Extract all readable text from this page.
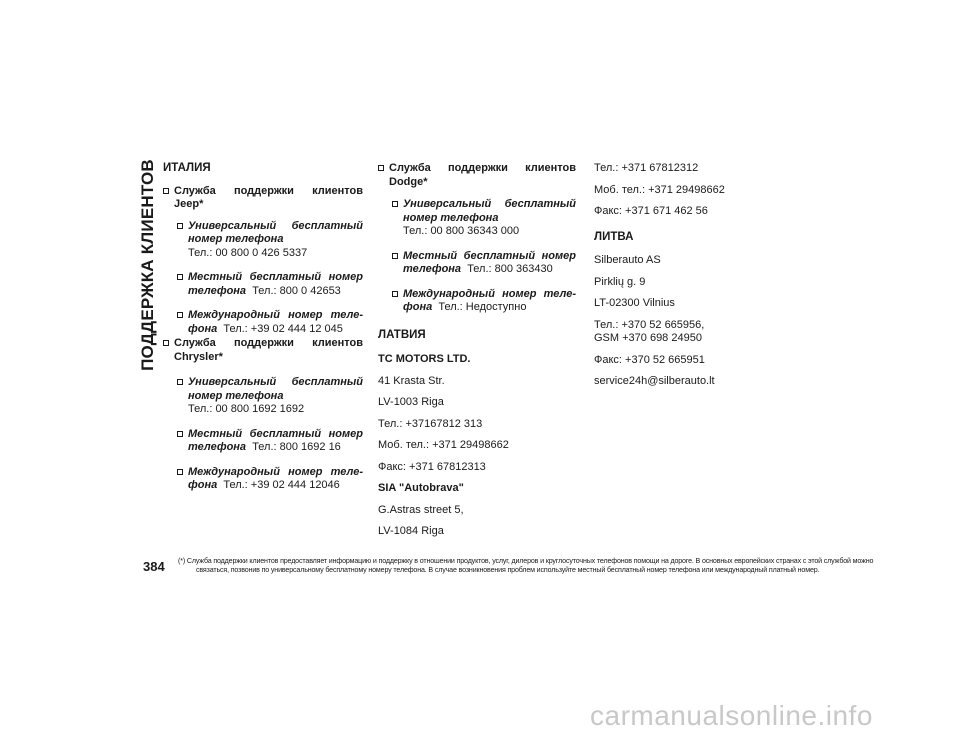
ПОДДЕРЖКА КЛИЕНТОВ ИТАЛИЯ
Служба поддержки клиентов Jeep*
Универсальный бесплатный номер телефона
Тел.: 00 800 0 426 5337
Местный бесплатный номер телефона Тел.: 800 0 42653
Международный номер теле-фона Тел.: +39 02 444 12 045
Служба поддержки клиентов Chrysler*
Универсальный бесплатный номер телефона
Тел.: 00 800 1692 1692
Местный бесплатный номер телефона Тел.: 800 1692 16
Международный номер теле-фона Тел.: +39 02 444 12046
Служба поддержки клиентов Dodge*
Универсальный бесплатный номер телефона
Тел.: 00 800 36343 000
Местный бесплатный номер телефона Тел.: 800 363430
Международный номер теле-фона Тел.: Недоступно
ЛАТВИЯ

TC MOTORS LTD.

41 Krasta Str.

LV-1003 Riga

Тел.: +37167812 313

Моб. тел.: +371 29498662

Факс: +371 67812313

SIA "Autobrava"

G.Astras street 5,

LV-1084 Riga

Тел.: +371 67812312

Моб. тел.: +371 29498662

Факс: +371 671 462 56

ЛИТВА

Silberauto AS

Pirklių g. 9

LT-02300 Vilnius

Тел.: +370 52 665956,
GSM +370 698 24950

Факс: +370 52 665951

service24h@silberauto.lt

384 (*) Служба поддержки клиентов предоставляет информацию и поддержку в отношении продуктов, услуг, дилеров и круглосуточных телефонов помощи на дороге. В основных европейских странах с этой службой можно
связаться, позвонив по универсальному бесплатному номеру телефона. В случае возникновения проблем используйте местный бесплатный номер телефона или международный платный номер.
carmanualsonline.info
